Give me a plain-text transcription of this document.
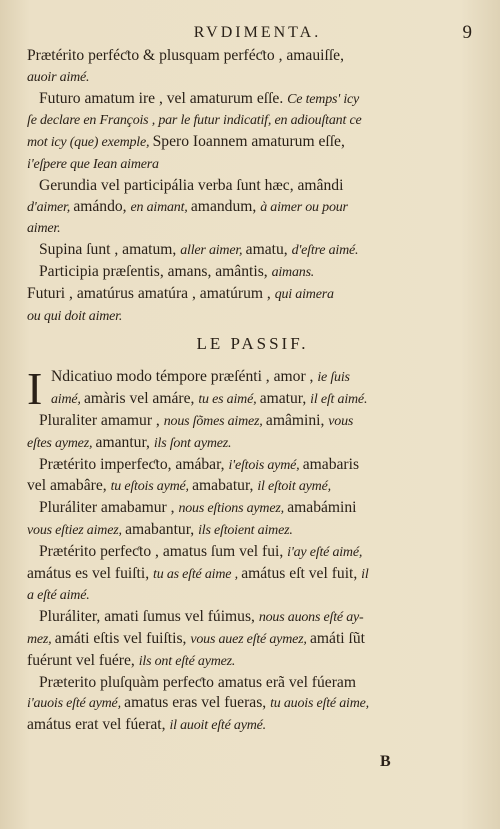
RVDIMENTA.	9
Prætérito perféƈto & plusquam perféƈto , amauiſſe,
auoir aimé.
Futuro amatum ire , vel amaturum eſſe. Ce temps' icy
ſe declare en François , par le futur indicatif, en adiouſtant ce
mot icy (que) exemple, Spero Ioannem amaturum eſſe,
i'eſpere que Iean aimera
Gerundia vel participália verba ſunt hæc, amândi
d'aimer, amándo, en aimant, amandum, à aimer ou pour
aimer.
Supina ſunt , amatum, aller aimer, amatu, d'eſtre aimé.
Participia præſentis, amans, amântis, aimans.
Futuri , amatúrus amatúra , amatúrum , qui aimera
ou qui doit aimer.
LE PASSIF.
I Ndicatiuo modo témpore præſénti , amor , ie ſuis
aimé, amàris vel amáre, tu es aimé, amatur, il eſt aimé.
Pluraliter amamur , nous ſõmes aimez, amâmini, vous
eſtes aymez, amantur, ils ſont aymez.
Prætérito imperfeƈto, amábar, i'eſtois aymé, amabaris
vel amabâre, tu eſtois aymé, amabatur, il eſtoit aymé,
Pluráliter amabamur , nous eſtions aymez, amabámini
vous eſtiez aimez, amabantur, ils eſtoient aimez.
Prætérito perfeƈto , amatus ſum vel fui, i'ay eſté aimé,
amátus es vel fuiſti, tu as eſté aime , amátus eſt vel fuit, il
a eſté aimé.
Pluráliter, amati ſumus vel fúimus, nous auons eſté ay-
mez, amáti eſtis vel fuiſtis, vous auez eſté aymez, amáti ſũt
fuérunt vel fuére, ils ont eſté aymez.
Præterito pluſquàm perfeƈto amatus erã vel fúeram
i'auois eſté aymé, amatus eras vel fueras, tu auois eſté aime,
amátus erat vel fúerat, il auoit eſté aymé.
B
